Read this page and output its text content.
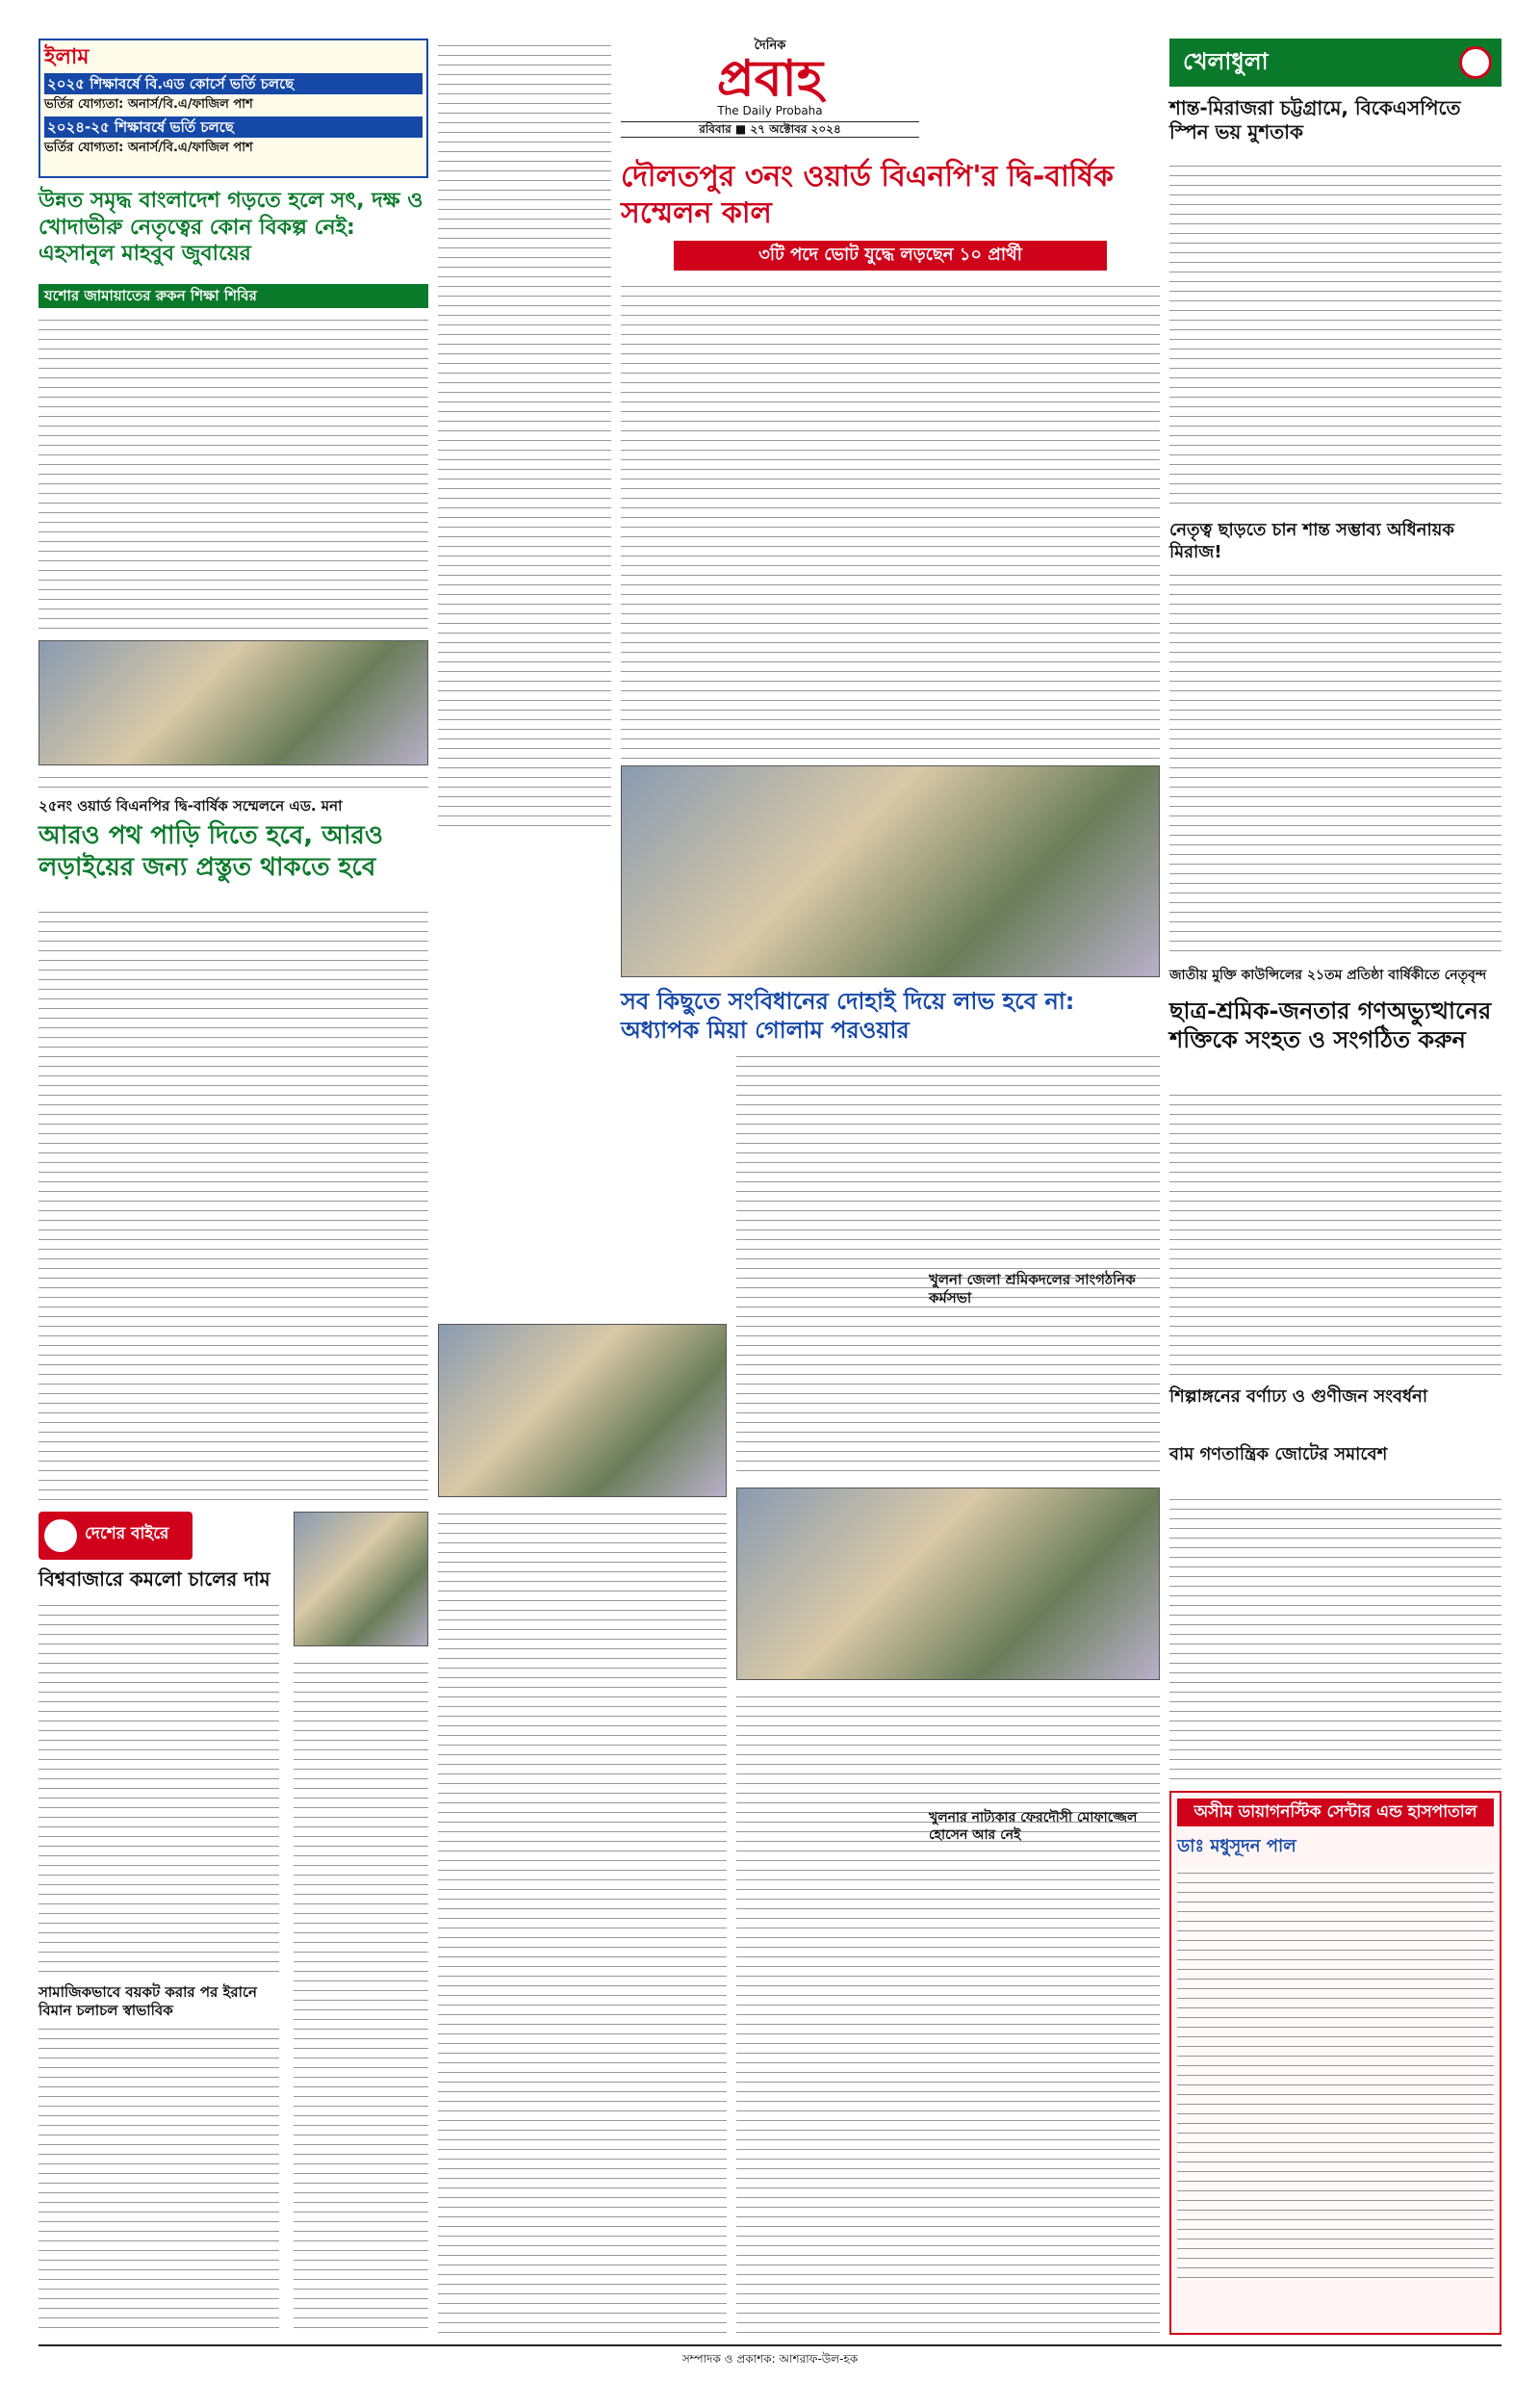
ইলাম
২০২৫ শিক্ষাবর্ষে বি.এড কোর্সে ভর্তি চলছে
ভর্তির যোগ্যতা: অনার্স/বি.এ/ফাজিল পাশ
২০২৪-২৫ শিক্ষাবর্ষে ভর্তি চলছে
ভর্তির যোগ্যতা: অনার্স/বি.এ/ফাজিল পাশ
উন্নত সমৃদ্ধ বাংলাদেশ গড়তে হলে সৎ, দক্ষ ও খোদাভীরু নেতৃত্বের কোন বিকল্প নেই: এহসানুল মাহবুব জুবায়ের
যশোর জামায়াতের রুকন শিক্ষা শিবির
২৫নং ওয়ার্ড বিএনপির দ্বি-বার্ষিক সম্মেলনে এড. মনা
আরও পথ পাড়ি দিতে হবে, আরও লড়াইয়ের জন্য প্রস্তুত থাকতে হবে
দেশের বাইরে
বিশ্ববাজারে কমলো চালের দাম
সামাজিকভাবে বয়কট করার পর ইরানে বিমান চলাচল স্বাভাবিক
দৈনিক
প্রবাহ
The Daily Probaha
রবিবার ■ ২৭ অক্টোবর ২০২৪
দৌলতপুর ৩নং ওয়ার্ড বিএনপি'র দ্বি-বার্ষিক সম্মেলন কাল
৩টি পদে ভোট যুদ্ধে লড়ছেন ১০ প্রার্থী
সব কিছুতে সংবিধানের দোহাই দিয়ে লাভ হবে না: অধ্যাপক মিয়া গোলাম পরওয়ার
খুলনা জেলা শ্রমিকদলের সাংগঠনিক কর্মসভা
খেলাধুলা
শান্ত-মিরাজরা চট্টগ্রামে, বিকেএসপিতে স্পিন ভয় মুশতাক
নেতৃত্ব ছাড়তে চান শান্ত সম্ভাব্য অধিনায়ক মিরাজ!
জাতীয় মুক্তি কাউন্সিলের ২১তম প্রতিষ্ঠা বার্ষিকীতে নেতৃবৃন্দ
ছাত্র-শ্রমিক-জনতার গণঅভ্যুত্থানের শক্তিকে সংহত ও সংগঠিত করুন
শিল্পাঙ্গনের বর্ণাঢ্য ও গুণীজন সংবর্ধনা
বাম গণতান্ত্রিক জোটের সমাবেশ
অসীম ডায়াগনস্টিক সেন্টার এন্ড হাসপাতাল
ডাঃ মধুসূদন পাল
খুলনার নাট্যকার ফেরদৌসী মোফাজ্জেল হোসেন আর নেই
সম্পাদক ও প্রকাশক: আশরাফ-উল-হক
